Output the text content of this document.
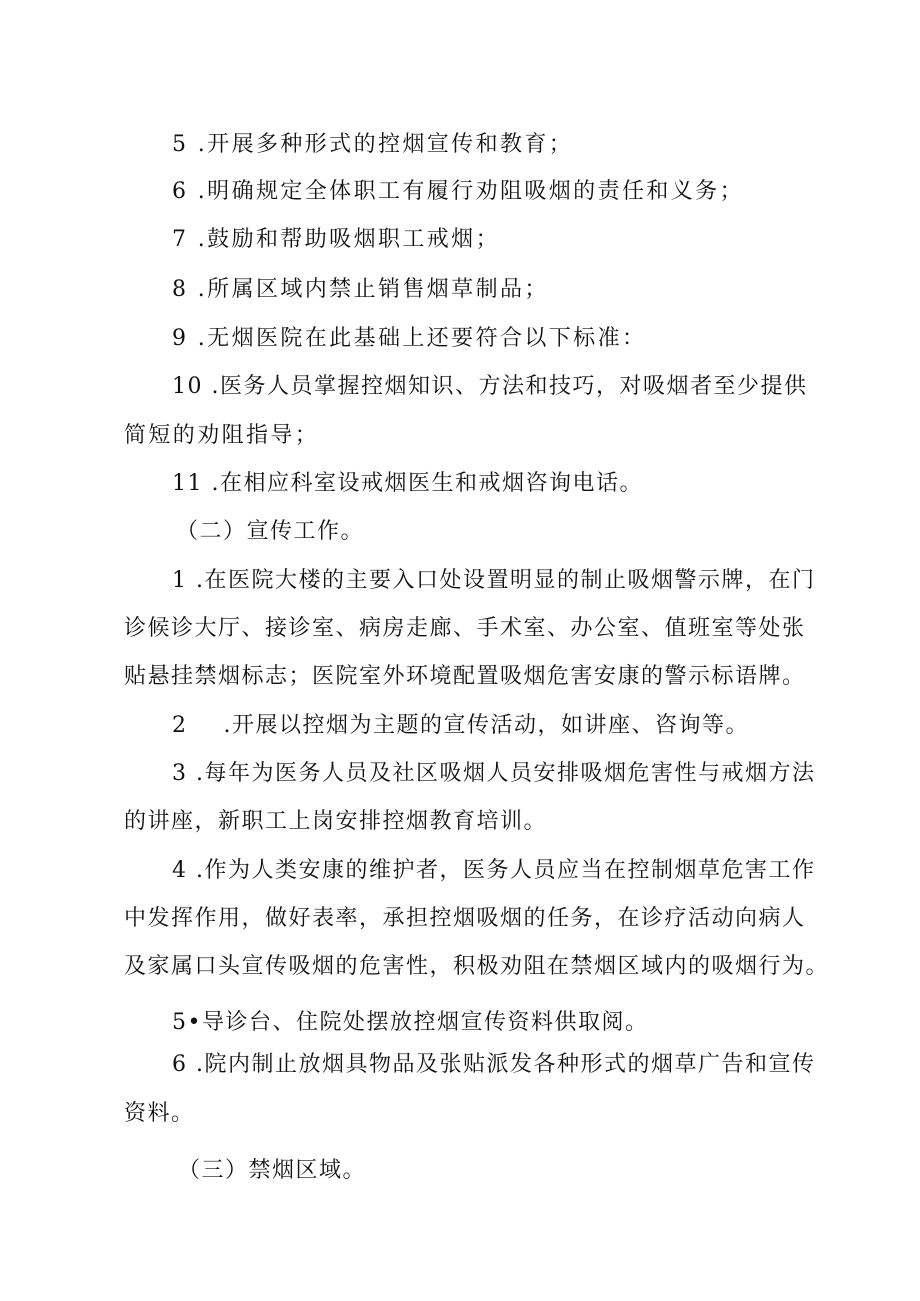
5 .开展多种形式的控烟宣传和教育；
6 .明确规定全体职工有履行劝阻吸烟的责任和义务；
7 .鼓励和帮助吸烟职工戒烟；
8 .所属区域内禁止销售烟草制品；
9 .无烟医院在此基础上还要符合以下标准：
10 .医务人员掌握控烟知识、方法和技巧，对吸烟者至少提供
简短的劝阻指导；
11 .在相应科室设戒烟医生和戒烟咨询电话。
（二）宣传工作。
1 .在医院大楼的主要入口处设置明显的制止吸烟警示牌，在门
诊候诊大厅、接诊室、病房走廊、手术室、办公室、值班室等处张
贴悬挂禁烟标志；医院室外环境配置吸烟危害安康的警示标语牌。
2 .开展以控烟为主题的宣传活动，如讲座、咨询等。
3 .每年为医务人员及社区吸烟人员安排吸烟危害性与戒烟方法
的讲座，新职工上岗安排控烟教育培训。
4 .作为人类安康的维护者，医务人员应当在控制烟草危害工作
中发挥作用，做好表率，承担控烟吸烟的任务，在诊疗活动向病人
及家属口头宣传吸烟的危害性，积极劝阻在禁烟区域内的吸烟行为。
5•导诊台、住院处摆放控烟宣传资料供取阅。
6 .院内制止放烟具物品及张贴派发各种形式的烟草广告和宣传
资料。
（三）禁烟区域。
